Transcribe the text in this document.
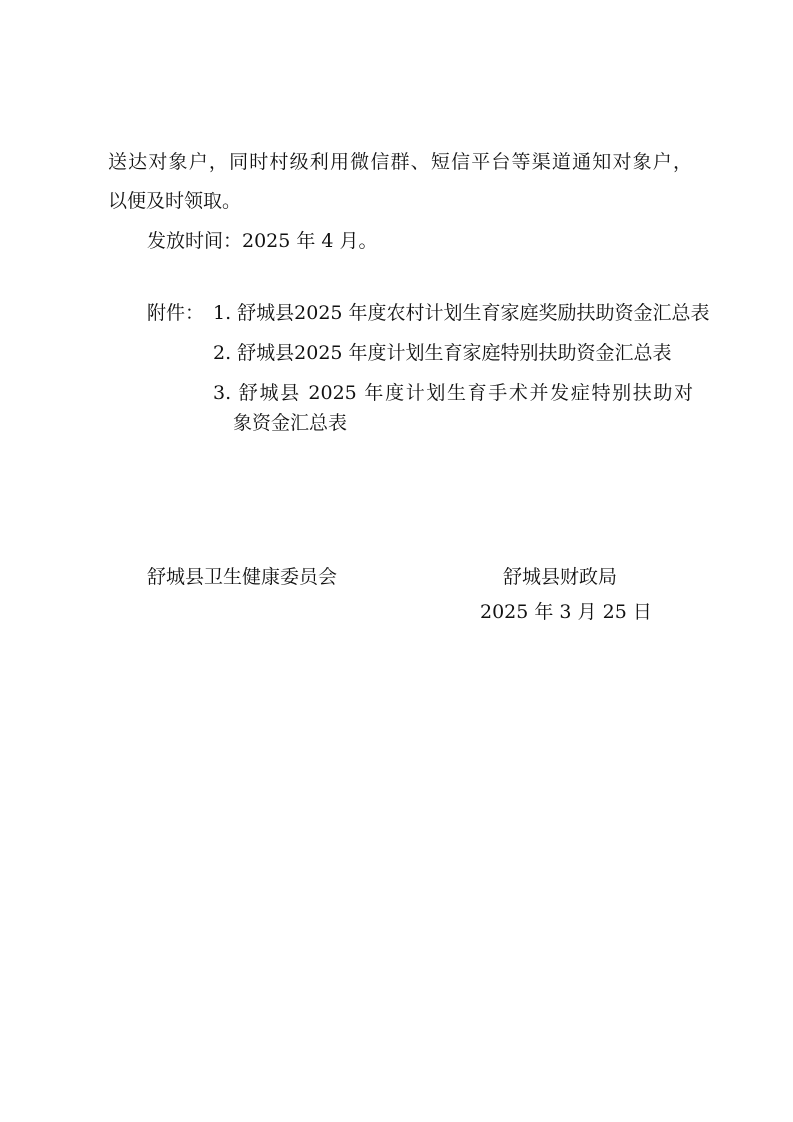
送达对象户，同时村级利用微信群、短信平台等渠道通知对象户，
以便及时领取。
发放时间：2025 年 4 月。
附件： 1. 舒城县2025 年度农村计划生育家庭奖励扶助资金汇总表
2. 舒城县2025 年度计划生育家庭特别扶助资金汇总表
3. 舒城县 2025 年度计划生育手术并发症特别扶助对
象资金汇总表
舒城县卫生健康委员会	舒城县财政局
2025 年 3 月 25 日
